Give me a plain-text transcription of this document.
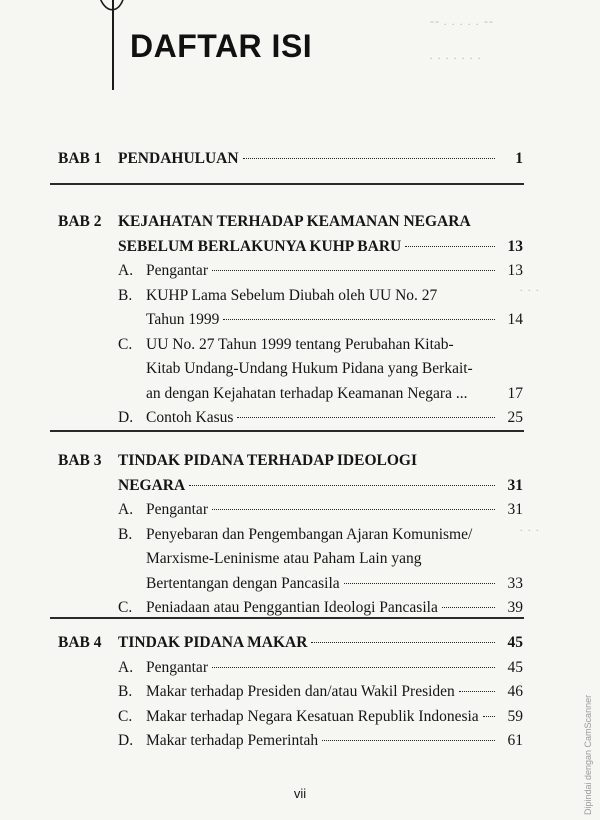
-- . . . . . --
. . . . . . .
. . .
. . .
DAFTAR ISI
BAB 1 PENDAHULUAN	1
BAB 2 KEJAHATAN TERHADAP KEAMANAN NEGARA
SEBELUM BERLAKUNYA KUHP BARU	13
A. Pengantar	13
B. KUHP Lama Sebelum Diubah oleh UU No. 27
Tahun 1999	14
C. UU No. 27 Tahun 1999 tentang Perubahan Kitab-
Kitab Undang-Undang Hukum Pidana yang Berkait-
an dengan Kejahatan terhadap Keamanan Negara ...	17
D. Contoh Kasus	25
BAB 3 TINDAK PIDANA TERHADAP IDEOLOGI
NEGARA	31
A. Pengantar	31
B. Penyebaran dan Pengembangan Ajaran Komunisme/
Marxisme-Leninisme atau Paham Lain yang
Bertentangan dengan Pancasila	33
C. Peniadaan atau Penggantian Ideologi Pancasila	39
BAB 4 TINDAK PIDANA MAKAR	45
A. Pengantar	45
B. Makar terhadap Presiden dan/atau Wakil Presiden	46
C. Makar terhadap Negara Kesatuan Republik Indonesia	59
D. Makar terhadap Pemerintah	61
vii	Dipindai dengan CamScanner
